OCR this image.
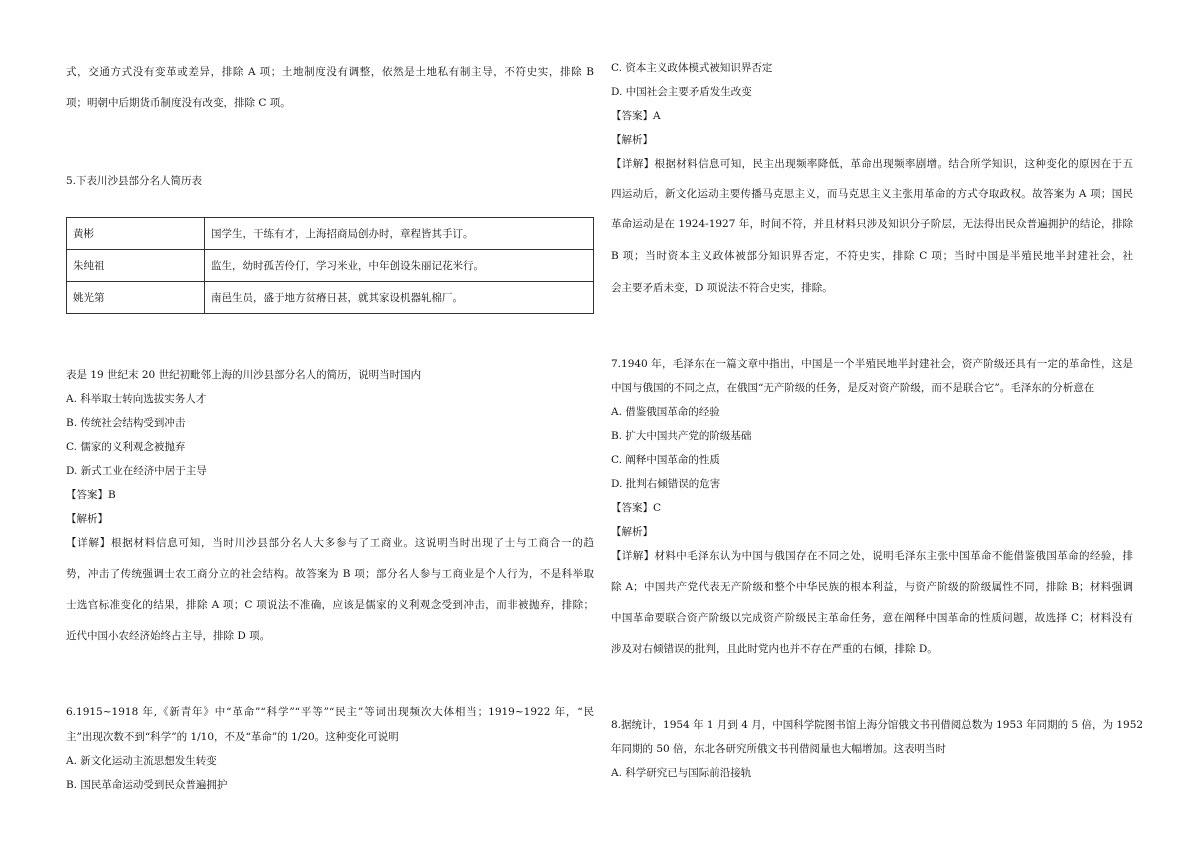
式，交通方式没有变革或差异，排除 A 项；土地制度没有调整，依然是土地私有制主导，不符史实，排除 B
项；明朝中后期货币制度没有改变，排除 C 项。
5.下表川沙县部分名人简历表
黄彬	国学生，干练有才，上海招商局创办时，章程皆其手订。
朱纯祖	监生，幼时孤苦伶仃，学习米业，中年创设朱丽记花米行。
姚光第	南邑生员，盛于地方贫瘠日甚，就其家设机器轧棉厂。
表是 19 世纪末 20 世纪初毗邻上海的川沙县部分名人的简历，说明当时国内
A. 科举取士转向选拔实务人才
B. 传统社会结构受到冲击
C. 儒家的义利观念被抛弃
D. 新式工业在经济中居于主导
【答案】B
【解析】
【详解】根据材料信息可知，当时川沙县部分名人大多参与了工商业。这说明当时出现了士与工商合一的趋
势，冲击了传统强调士农工商分立的社会结构。故答案为 B 项；部分名人参与工商业是个人行为，不是科举取
士选官标准变化的结果，排除 A 项；C 项说法不准确，应该是儒家的义利观念受到冲击，而非被抛弃，排除；
近代中国小农经济始终占主导，排除 D 项。
6.1915~1918 年,《新青年》中“革命”“科学”“平等”“民主”等词出现频次大体相当；1919~1922 年，“民
主”出现次数不到“科学”的 1/10，不及“革命”的 1/20。这种变化可说明
A. 新文化运动主流思想发生转变
B. 国民革命运动受到民众普遍拥护
C. 资本主义政体模式被知识界否定
D. 中国社会主要矛盾发生改变
【答案】A
【解析】
【详解】根据材料信息可知，民主出现频率降低，革命出现频率剧增。结合所学知识，这种变化的原因在于五
四运动后，新文化运动主要传播马克思主义，而马克思主义主张用革命的方式夺取政权。故答案为 A 项；国民
革命运动是在 1924-1927 年，时间不符，并且材料只涉及知识分子阶层，无法得出民众普遍拥护的结论，排除
B 项；当时资本主义政体被部分知识界否定，不符史实，排除 C 项；当时中国是半殖民地半封建社会，社
会主要矛盾未变，D 项说法不符合史实，排除。
7.1940 年，毛泽东在一篇文章中指出，中国是一个半殖民地半封建社会，资产阶级还具有一定的革命性，这是
中国与俄国的不同之点，在俄国“无产阶级的任务，是反对资产阶级，而不是联合它”。毛泽东的分析意在
A. 借鉴俄国革命的经验
B. 扩大中国共产党的阶级基础
C. 阐释中国革命的性质
D. 批判右倾错误的危害
【答案】C
【解析】
【详解】材料中毛泽东认为中国与俄国存在不同之处，说明毛泽东主张中国革命不能借鉴俄国革命的经验，排
除 A；中国共产党代表无产阶级和整个中华民族的根本利益，与资产阶级的阶级属性不同，排除 B；材料强调
中国革命要联合资产阶级以完成资产阶级民主革命任务，意在阐释中国革命的性质问题，故选择 C；材料没有
涉及对右倾错误的批判，且此时党内也并不存在严重的右倾，排除 D。
8.据统计，1954 年 1 月到 4 月，中国科学院图书馆上海分馆俄文书刊借阅总数为 1953 年同期的 5 倍，为 1952
年同期的 50 倍，东北各研究所俄文书刊借阅量也大幅增加。这表明当时
A. 科学研究已与国际前沿接轨
